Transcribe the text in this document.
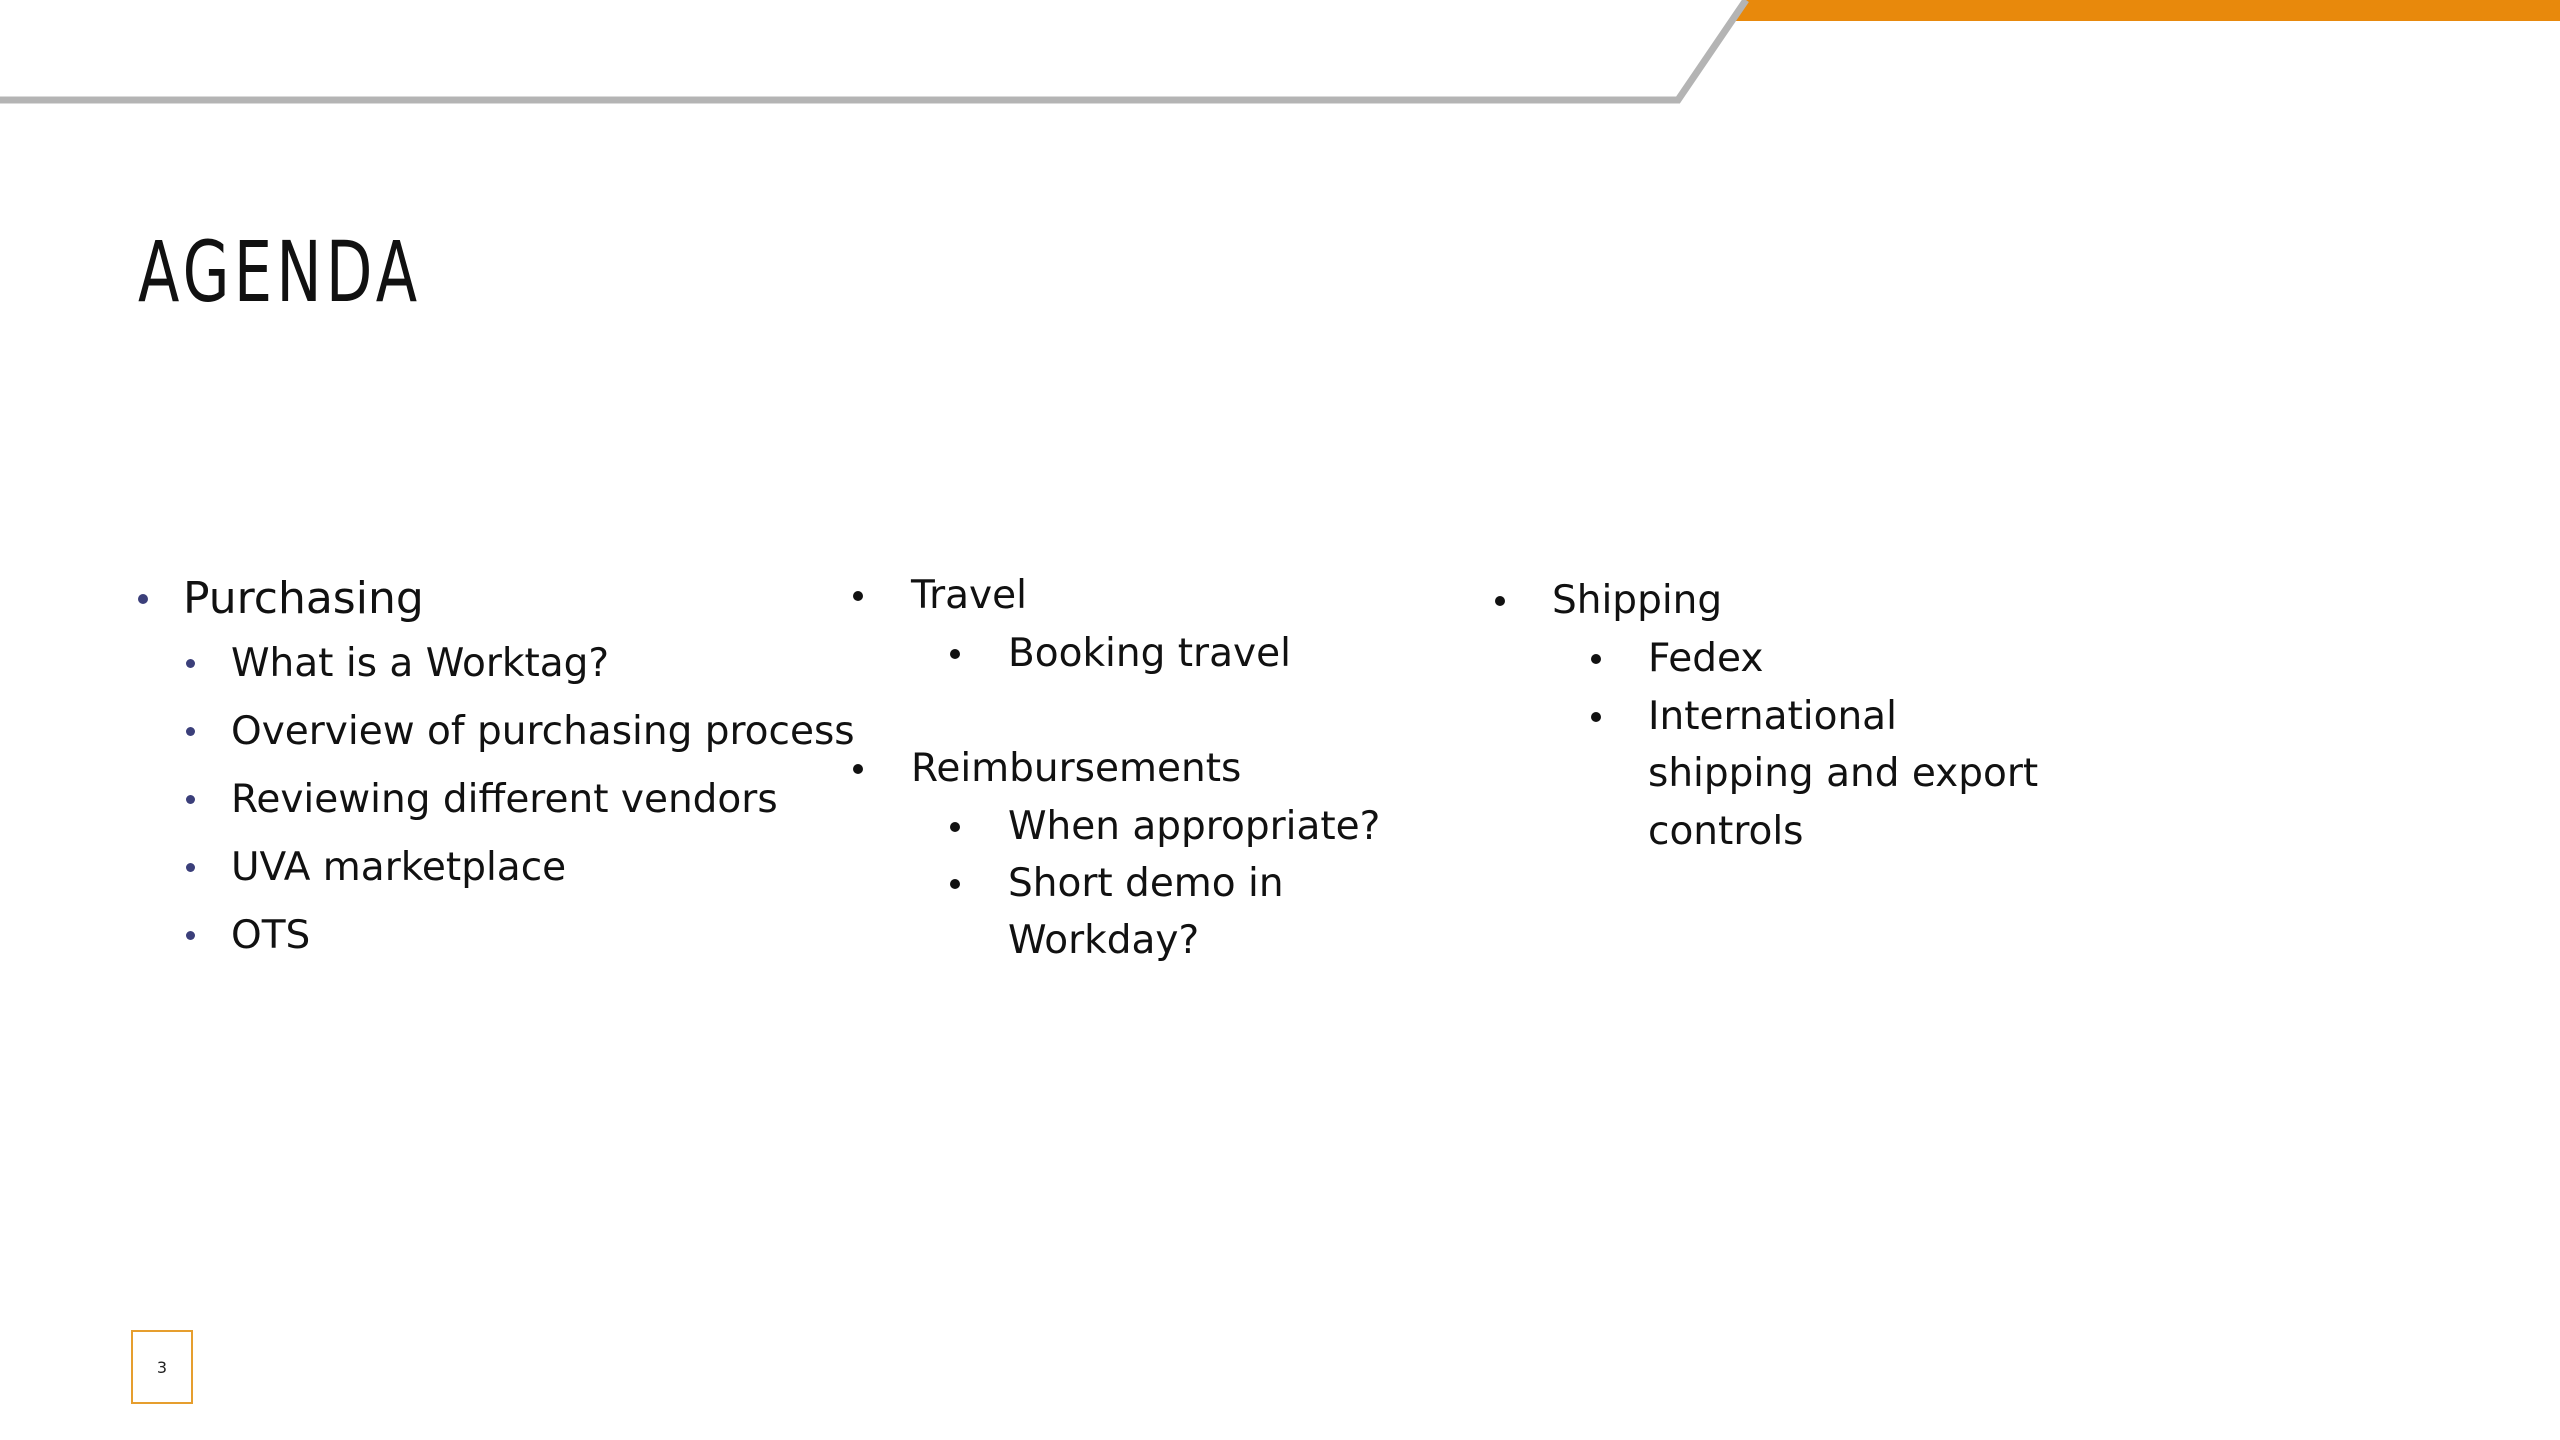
AGENDA
Purchasing
What is a Worktag?
Overview of purchasing process
Reviewing different vendors
UVA marketplace
OTS
Travel
Booking travel
Reimbursements
When appropriate?
Short demo in
Workday?
Shipping
Fedex
International
shipping and export
controls
3
